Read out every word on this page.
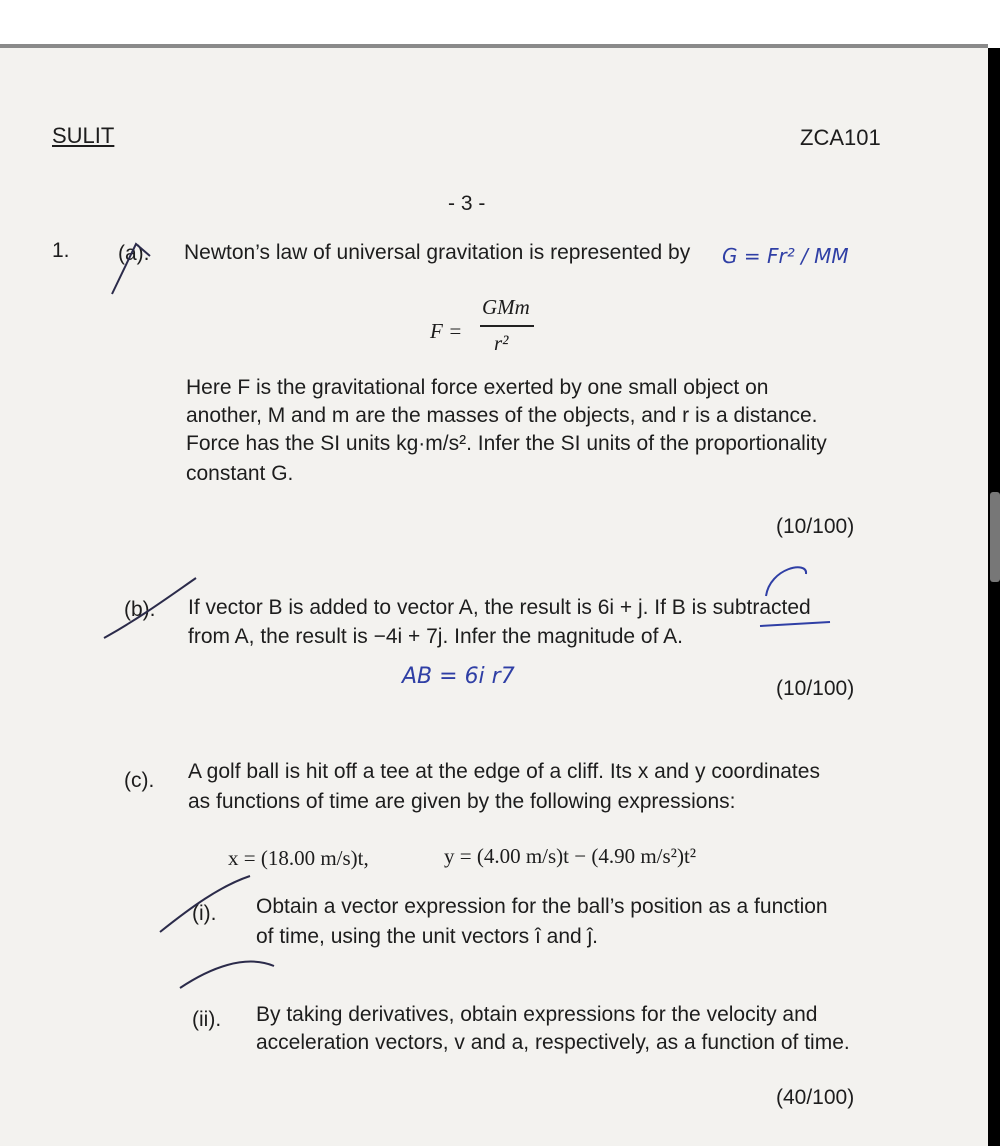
SULIT	ZCA101
- 3 -
1. (a). Newton’s law of universal gravitation is represented by
F =
GMm
r²
Here F is the gravitational force exerted by one small object on
another, M and m are the masses of the objects, and r is a distance.
Force has the SI units kg·m/s². Infer the SI units of the proportionality
constant G.
(10/100)
(b). If vector B is added to vector A, the result is 6i + j. If B is subtracted
from A, the result is −4i + 7j. Infer the magnitude of A.
(10/100)
(c). A golf ball is hit off a tee at the edge of a cliff. Its x and y coordinates
as functions of time are given by the following expressions:
x = (18.00 m/s)t,	y = (4.00 m/s)t − (4.90 m/s²)t²
(i). Obtain a vector expression for the ball’s position as a function
of time, using the unit vectors î and ĵ.
(ii). By taking derivatives, obtain expressions for the velocity and
acceleration vectors, v and a, respectively, as a function of time.
(40/100)
G = Fr² / MM
AB = 6i r7
